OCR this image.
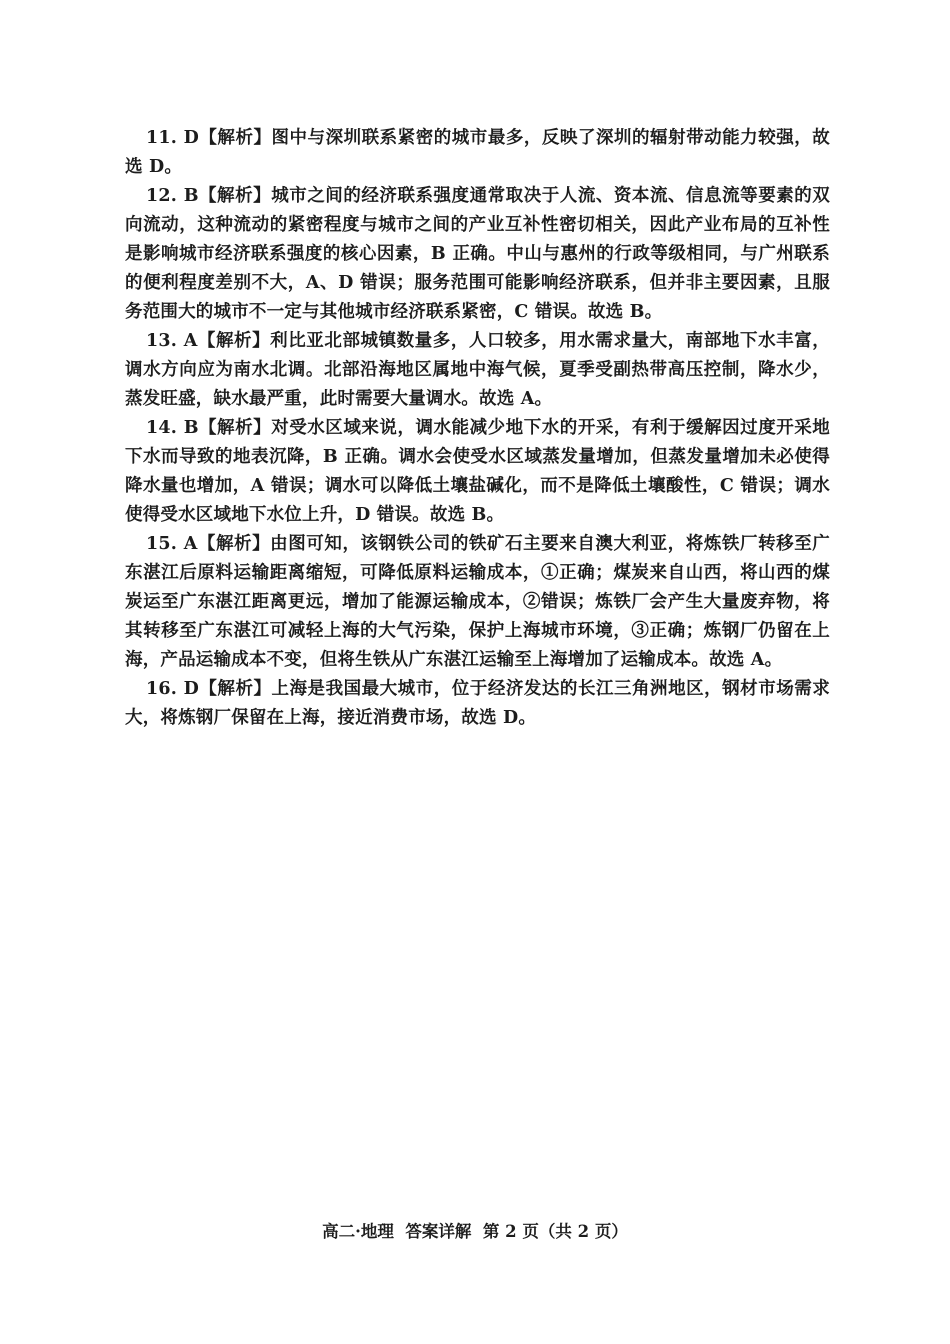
11. D【解析】图中与深圳联系紧密的城市最多，反映了深圳的辐射带动能力较强，故选 D。

12. B【解析】城市之间的经济联系强度通常取决于人流、资本流、信息流等要素的双向流动，这种流动的紧密程度与城市之间的产业互补性密切相关，因此产业布局的互补性是影响城市经济联系强度的核心因素，B 正确。中山与惠州的行政等级相同，与广州联系的便利程度差别不大，A、D 错误；服务范围可能影响经济联系，但并非主要因素，且服务范围大的城市不一定与其他城市经济联系紧密，C 错误。故选 B。

13. A【解析】利比亚北部城镇数量多，人口较多，用水需求量大，南部地下水丰富，调水方向应为南水北调。北部沿海地区属地中海气候，夏季受副热带高压控制，降水少，蒸发旺盛，缺水最严重，此时需要大量调水。故选 A。

14. B【解析】对受水区域来说，调水能减少地下水的开采，有利于缓解因过度开采地下水而导致的地表沉降，B 正确。调水会使受水区域蒸发量增加，但蒸发量增加未必使得降水量也增加，A 错误；调水可以降低土壤盐碱化，而不是降低土壤酸性，C 错误；调水使得受水区域地下水位上升，D 错误。故选 B。

15. A【解析】由图可知，该钢铁公司的铁矿石主要来自澳大利亚，将炼铁厂转移至广东湛江后原料运输距离缩短，可降低原料运输成本，①正确；煤炭来自山西，将山西的煤炭运至广东湛江距离更远，增加了能源运输成本，②错误；炼铁厂会产生大量废弃物，将其转移至广东湛江可减轻上海的大气污染，保护上海城市环境，③正确；炼钢厂仍留在上海，产品运输成本不变，但将生铁从广东湛江运输至上海增加了运输成本。故选 A。

16. D【解析】上海是我国最大城市，位于经济发达的长江三角洲地区，钢材市场需求大，将炼钢厂保留在上海，接近消费市场，故选 D。

高二·地理 答案详解 第 2 页（共 2 页）
